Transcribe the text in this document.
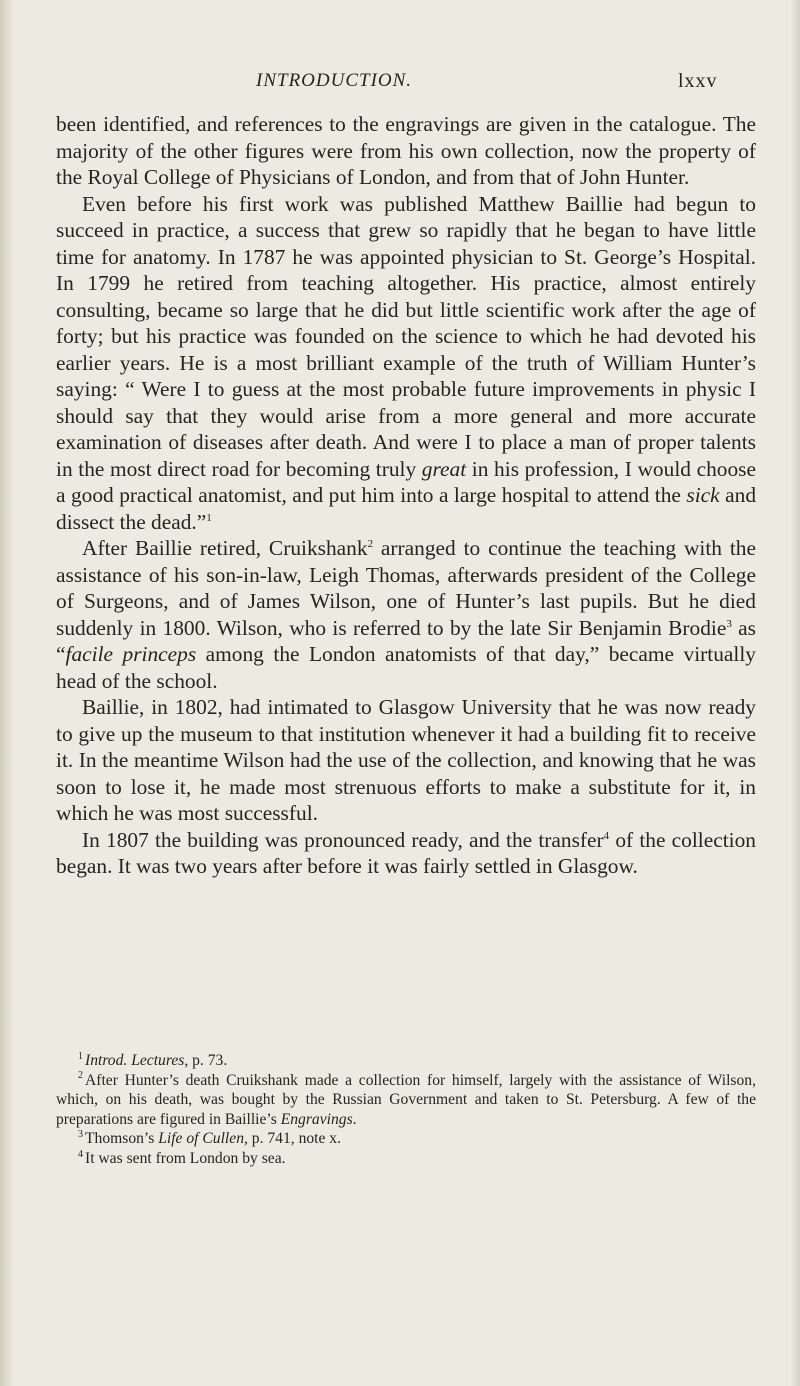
INTRODUCTION.	lxxv

been identified, and references to the engravings are given in the catalogue. The majority of the other figures were from his own collection, now the property of the Royal College of Physicians of London, and from that of John Hunter.

Even before his first work was published Matthew Baillie had begun to succeed in practice, a success that grew so rapidly that he began to have little time for anatomy. In 1787 he was appointed physician to St. George’s Hospital. In 1799 he retired from teaching altogether. His practice, almost entirely consulting, became so large that he did but little scientific work after the age of forty; but his practice was founded on the science to which he had devoted his earlier years. He is a most brilliant example of the truth of William Hunter’s saying: “ Were I to guess at the most probable future improvements in physic I should say that they would arise from a more general and more accurate examination of diseases after death. And were I to place a man of proper talents in the most direct road for becoming truly great in his profession, I would choose a good practical anatomist, and put him into a large hospital to attend the sick and dissect the dead.”$^1$

After Baillie retired, Cruikshank$^2$ arranged to continue the teaching with the assistance of his son-in-law, Leigh Thomas, afterwards president of the College of Surgeons, and of James Wilson, one of Hunter’s last pupils. But he died suddenly in 1800. Wilson, who is referred to by the late Sir Benjamin Brodie$^3$ as “facile princeps among the London anatomists of that day,” became virtually head of the school.

Baillie, in 1802, had intimated to Glasgow University that he was now ready to give up the museum to that institution whenever it had a building fit to receive it. In the meantime Wilson had the use of the collection, and knowing that he was soon to lose it, he made most strenuous efforts to make a substitute for it, in which he was most successful.

In 1807 the building was pronounced ready, and the transfer$^4$ of the collection began. It was two years after before it was fairly settled in Glasgow.

$^1$ Introd. Lectures, p. 73.

$^2$ After Hunter’s death Cruikshank made a collection for himself, largely with the assistance of Wilson, which, on his death, was bought by the Russian Government and taken to St. Petersburg. A few of the preparations are figured in Baillie’s Engravings.

$^3$ Thomson’s Life of Cullen, p. 741, note x.

$^4$ It was sent from London by sea.
